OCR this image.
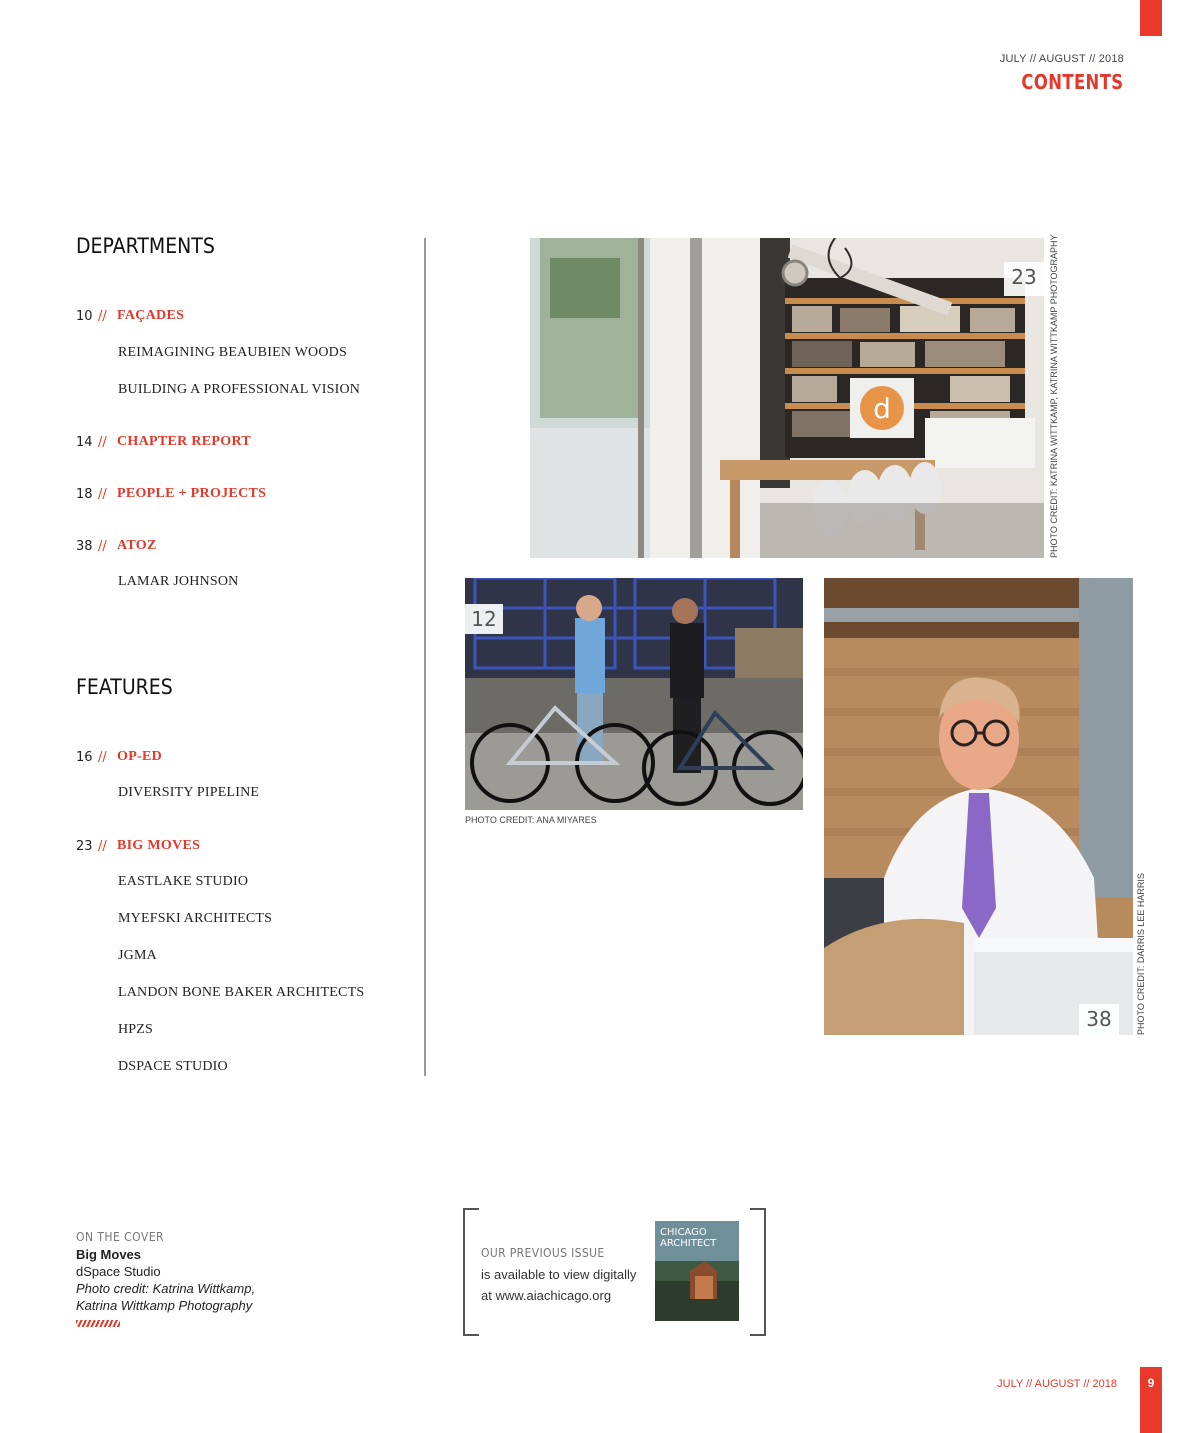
JULY // AUGUST // 2018
CONTENTS
DEPARTMENTS
10 // FAÇADES
REIMAGINING BEAUBIEN WOODS
BUILDING A PROFESSIONAL VISION
14 // CHAPTER REPORT
18 // PEOPLE + PROJECTS
38 // ATOZ
LAMAR JOHNSON
FEATURES
16 // OP-ED
DIVERSITY PIPELINE
23 // BIG MOVES
EASTLAKE STUDIO
MYEFSKI ARCHITECTS
JGMA
LANDON BONE BAKER ARCHITECTS
HPZS
DSPACE STUDIO
d
23	PHOTO CREDIT: KATRINA WITTKAMP, KATRINA WITTKAMP PHOTOGRAPHY
12
PHOTO CREDIT: ANA MIYARES
38	PHOTO CREDIT: DARRIS LEE HARRIS
ON THE COVER
Big Moves
dSpace Studio
Photo credit: Katrina Wittkamp,
Katrina Wittkamp Photography
OUR PREVIOUS ISSUE
is available to view digitally
at www.aiachicago.org
CHICAGO
ARCHITECT
JULY // AUGUST // 2018	9
